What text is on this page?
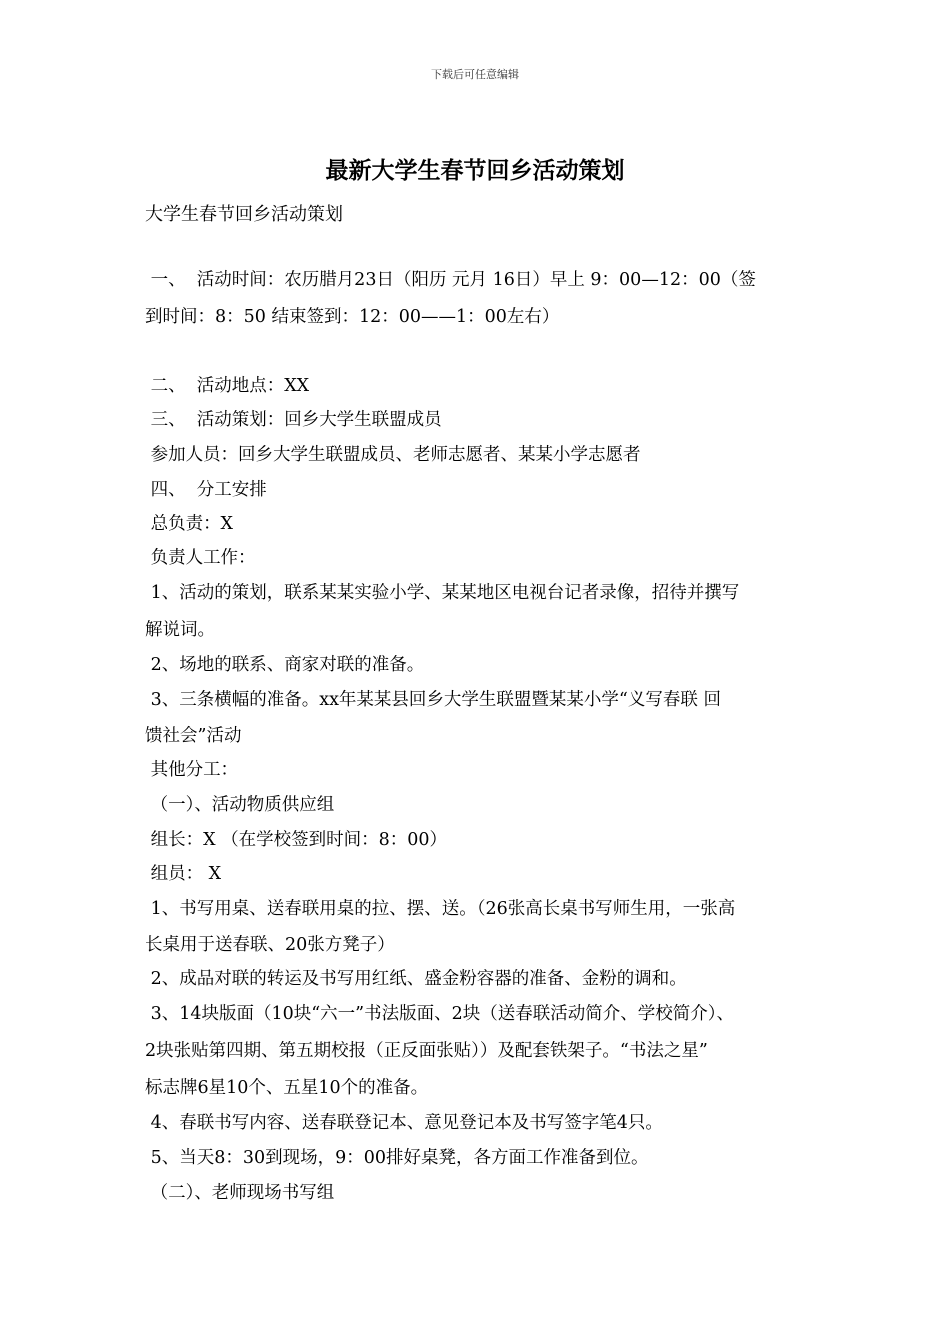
下载后可任意编辑
最新大学生春节回乡活动策划
大学生春节回乡活动策划
一、  活动时间：农历腊月23日（阳历 元月 16日）早上 9：00—12：00（签
到时间：8：50 结束签到：12：00——1：00左右）
二、  活动地点：XX
三、  活动策划：回乡大学生联盟成员
参加人员：回乡大学生联盟成员、老师志愿者、某某小学志愿者
四、  分工安排
总负责：X
负责人工作：
1、活动的策划，联系某某实验小学、某某地区电视台记者录像，招待并撰写
解说词。
2、场地的联系、商家对联的准备。
3、三条横幅的准备。xx年某某县回乡大学生联盟暨某某小学“义写春联 回
馈社会”活动
其他分工：
（一）、活动物质供应组
组长：X （在学校签到时间：8：00）
组员： X
1、书写用桌、送春联用桌的拉、摆、送。（26张高长桌书写师生用，一张高
长桌用于送春联、20张方凳子）
2、成品对联的转运及书写用红纸、盛金粉容器的准备、金粉的调和。
3、14块版面（10块“六一”书法版面、2块（送春联活动简介、学校简介）、
2块张贴第四期、第五期校报（正反面张贴））及配套铁架子。“书法之星”
标志牌6星10个、五星10个的准备。
4、春联书写内容、送春联登记本、意见登记本及书写签字笔4只。
5、当天8：30到现场，9：00排好桌凳，各方面工作准备到位。
（二）、老师现场书写组
